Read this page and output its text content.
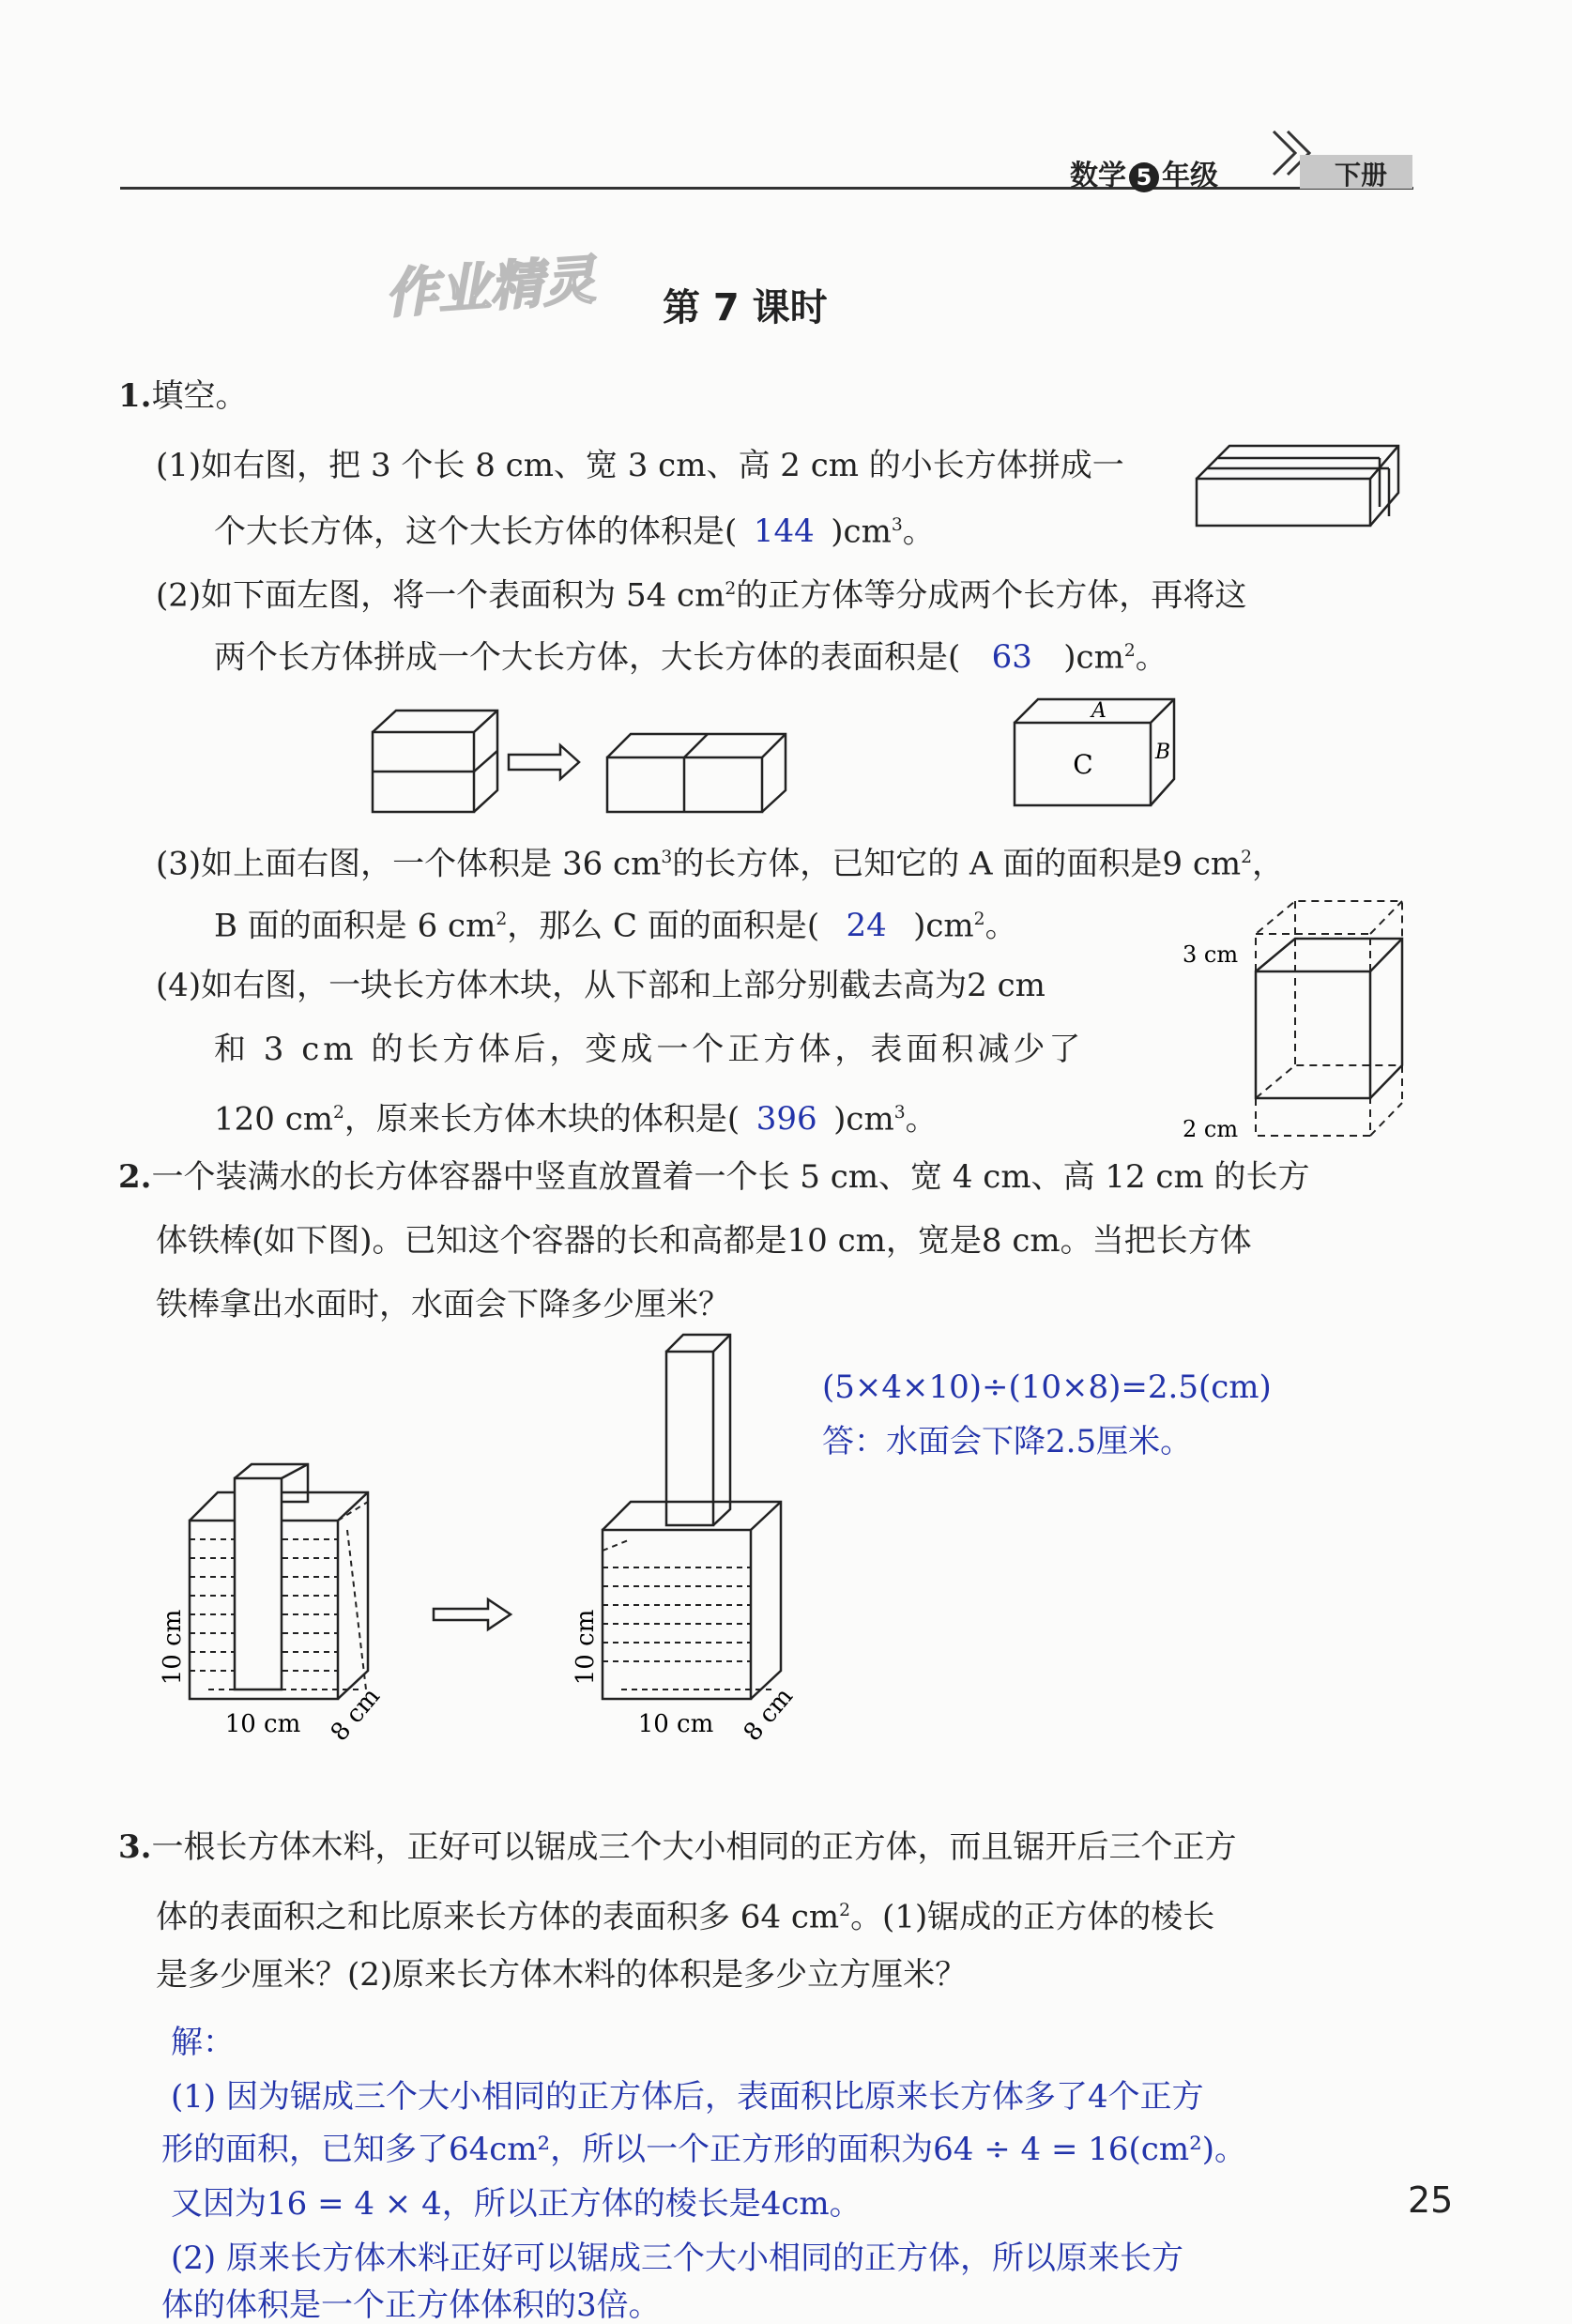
数学 5 年级	下册
作业精灵 第 7 课时
1.填空。
(1)如右图，把 3 个长 8 cm、宽 3 cm、高 2 cm 的小长方体拼成一
个大长方体，这个大长方体的体积是( 144 )$cm^3$。
(2)如下面左图，将一个表面积为 54 $cm^2$的正方体等分成两个长方体，再将这
两个长方体拼成一个大长方体，大长方体的表面积是( 63 )$cm^2$。
A
B
C
(3)如上面右图，一个体积是 36 $cm^3$的长方体，已知它的 A 面的面积是9 $cm^2$，
B 面的面积是 6 $cm^2$，那么 C 面的面积是( 24 )$cm^2$。
(4)如右图，一块长方体木块，从下部和上部分别截去高为2 cm
和 3 cm 的长方体后，变成一个正方体，表面积减少了
120 $cm^2$，原来长方体木块的体积是( 396 )$cm^3$。
3 cm
2 cm
2.一个装满水的长方体容器中竖直放置着一个长 5 cm、宽 4 cm、高 12 cm 的长方
体铁棒(如下图)。已知这个容器的长和高都是10 cm，宽是8 cm。当把长方体
铁棒拿出水面时，水面会下降多少厘米？
(5×4×10)÷(10×8)=2.5(cm)
答：水面会下降2.5厘米。
10 cm
10 cm 8 cm
10 cm
10 cm 8 cm
3.一根长方体木料，正好可以锯成三个大小相同的正方体，而且锯开后三个正方
体的表面积之和比原来长方体的表面积多 64 $cm^2$。(1)锯成的正方体的棱长
是多少厘米？(2)原来长方体木料的体积是多少立方厘米？
解：
(1) 因为锯成三个大小相同的正方体后，表面积比原来长方体多了4个正方
形的面积，已知多了64cm²，所以一个正方形的面积为64 ÷ 4 = 16(cm²)。
又因为16 = 4 × 4，所以正方体的棱长是4cm。
(2) 原来长方体木料正好可以锯成三个大小相同的正方体，所以原来长方
体的体积是一个正方体体积的3倍。
25
